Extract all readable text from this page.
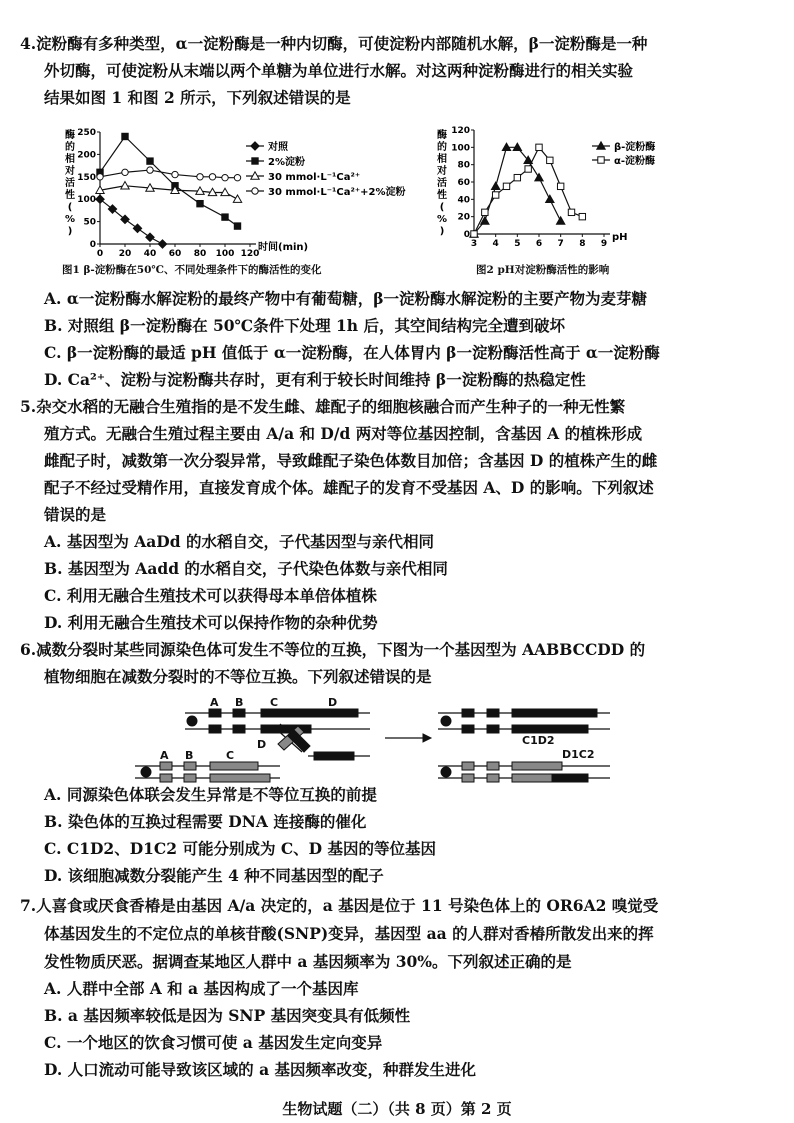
4.淀粉酶有多种类型，α一淀粉酶是一种内切酶，可使淀粉内部随机水解，β一淀粉酶是一种
外切酶，可使淀粉从末端以两个单糖为单位进行水解。对这两种淀粉酶进行的相关实验
结果如图 1 和图 2 所示，下列叙述错误的是
0
50
100
150
200
250
0 20 40 60 80 100 120
酶
的
相
对
活
性
(
%
)
时间(min)
对照
2%淀粉
30 mmol·L⁻¹Ca²⁺
30 mmol·L⁻¹Ca²⁺+2%淀粉
图1 β-淀粉酶在50℃、不同处理条件下的酶活性的变化
0
20
40
60
80
100
120
3 4 5 6 7 8 9
酶
的
相
对
活
性
(
%
)
pH
β-淀粉酶
α-淀粉酶
图2 pH对淀粉酶活性的影响
A. α一淀粉酶水解淀粉的最终产物中有葡萄糖，β一淀粉酶水解淀粉的主要产物为麦芽糖
B. 对照组 β一淀粉酶在 50℃条件下处理 1h 后，其空间结构完全遭到破坏
C. β一淀粉酶的最适 pH 值低于 α一淀粉酶，在人体胃内 β一淀粉酶活性高于 α一淀粉酶
D. Ca²⁺、淀粉与淀粉酶共存时，更有利于较长时间维持 β一淀粉酶的热稳定性
5.杂交水稻的无融合生殖指的是不发生雌、雄配子的细胞核融合而产生种子的一种无性繁
殖方式。无融合生殖过程主要由 A/a 和 D/d 两对等位基因控制，含基因 A 的植株形成
雌配子时，减数第一次分裂异常，导致雌配子染色体数目加倍；含基因 D 的植株产生的雌
配子不经过受精作用，直接发育成个体。雄配子的发育不受基因 A、D 的影响。下列叙述
错误的是
A. 基因型为 AaDd 的水稻自交，子代基因型与亲代相同
B. 基因型为 Aadd 的水稻自交，子代染色体数与亲代相同
C. 利用无融合生殖技术可以获得母本单倍体植株
D. 利用无融合生殖技术可以保持作物的杂种优势
6.减数分裂时某些同源染色体可发生不等位的互换，下图为一个基因型为 AABBCCDD 的
植物细胞在减数分裂时的不等位互换。下列叙述错误的是
A B C	D
D
A B	C
C1D2
D1C2
A. 同源染色体联会发生异常是不等位互换的前提
B. 染色体的互换过程需要 DNA 连接酶的催化
C. C1D2、D1C2 可能分别成为 C、D 基因的等位基因
D. 该细胞减数分裂能产生 4 种不同基因型的配子
7.人喜食或厌食香椿是由基因 A/a 决定的，a 基因是位于 11 号染色体上的 OR6A2 嗅觉受
体基因发生的不定位点的单核苷酸(SNP)变异，基因型 aa 的人群对香椿所散发出来的挥
发性物质厌恶。据调查某地区人群中 a 基因频率为 30%。下列叙述正确的是
A. 人群中全部 A 和 a 基因构成了一个基因库
B. a 基因频率较低是因为 SNP 基因突变具有低频性
C. 一个地区的饮食习惯可使 a 基因发生定向变异
D. 人口流动可能导致该区域的 a 基因频率改变，种群发生进化
生物试题（二）（共 8 页）第 2 页
